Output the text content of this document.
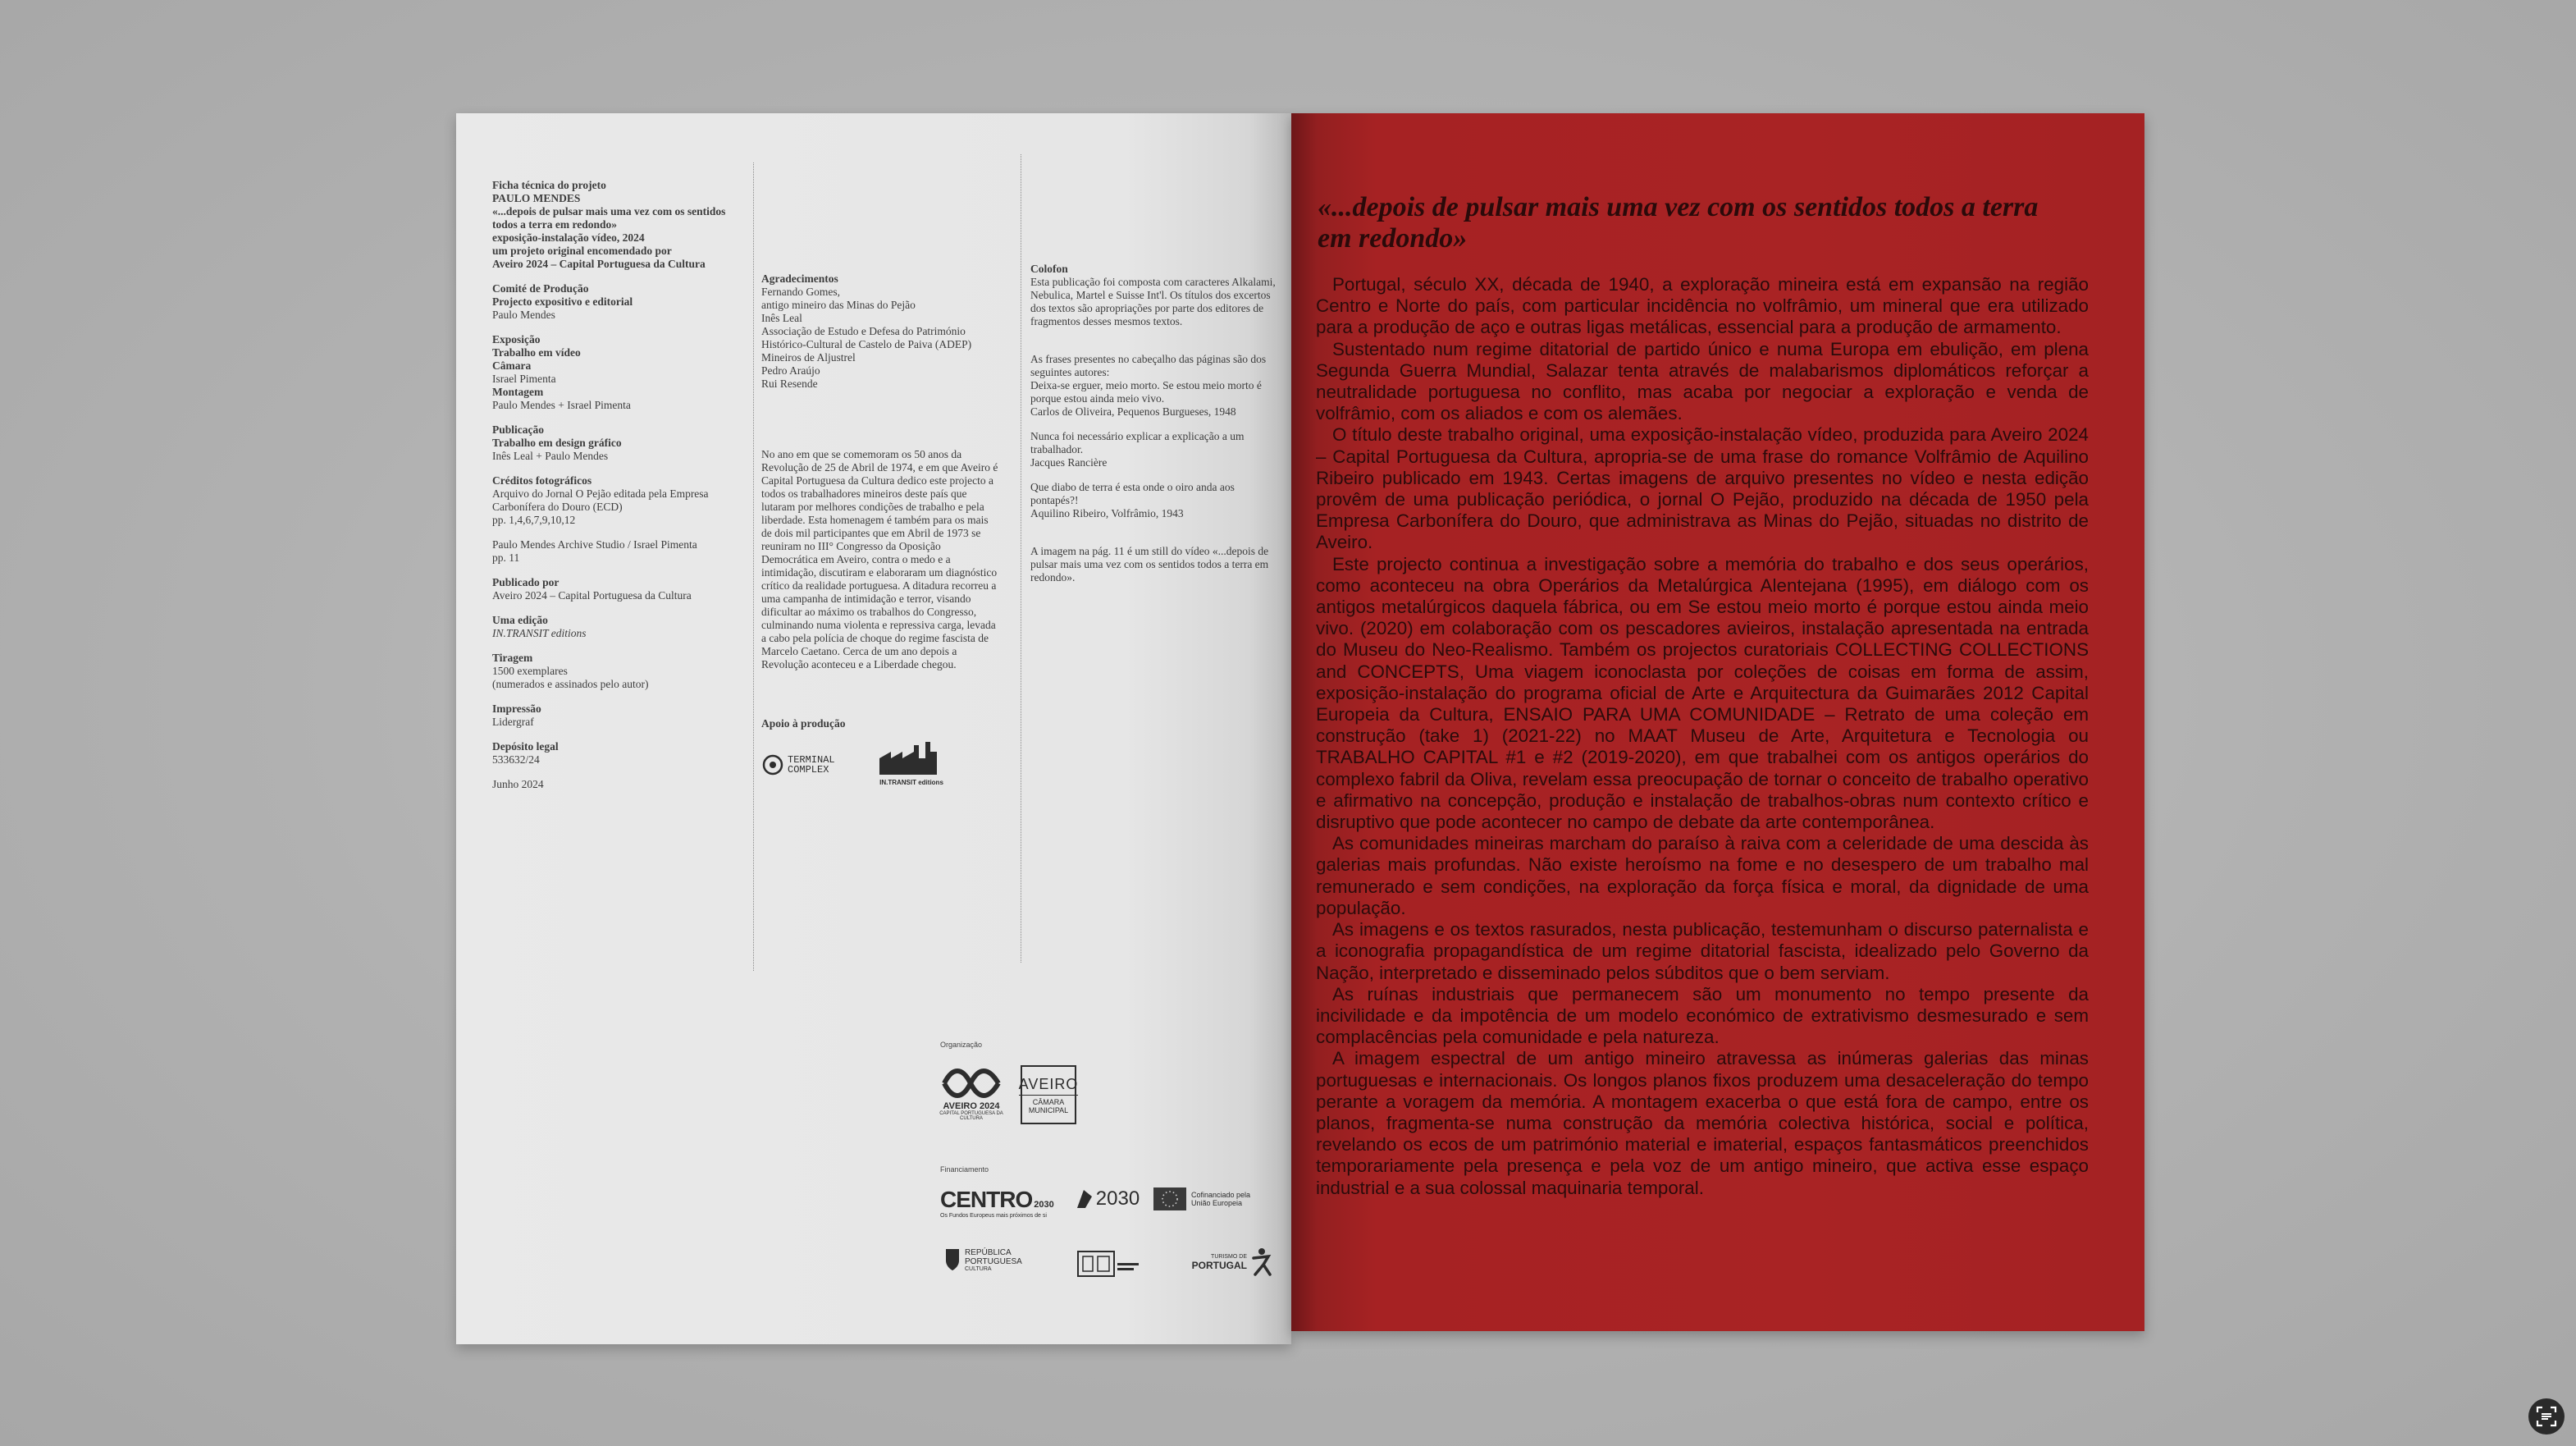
Ficha técnica do projeto

PAULO MENDES

«...depois de pulsar mais uma vez com os sentidos todos a terra em redondo»

exposição-instalação vídeo, 2024

um projeto original encomendado por

Aveiro 2024 – Capital Portuguesa da Cultura

Comité de Produção

Projecto expositivo e editorial

Paulo Mendes

Exposição

Trabalho em vídeo

Câmara

Israel Pimenta

Montagem

Paulo Mendes + Israel Pimenta

Publicação

Trabalho em design gráfico

Inês Leal + Paulo Mendes

Créditos fotográficos

Arquivo do Jornal O Pejão editada pela Empresa Carbonífera do Douro (ECD)

pp. 1,4,6,7,9,10,12

Paulo Mendes Archive Studio / Israel Pimenta

pp. 11

Publicado por

Aveiro 2024 – Capital Portuguesa da Cultura

Uma edição

IN.TRANSIT editions

Tiragem

1500 exemplares

(numerados e assinados pelo autor)

Impressão

Lidergraf

Depósito legal

533632/24

Junho 2024

Agradecimentos

Fernando Gomes,

antigo mineiro das Minas do Pejão

Inês Leal

Associação de Estudo e Defesa do Património Histórico-Cultural de Castelo de Paiva (ADEP)

Mineiros de Aljustrel

Pedro Araújo

Rui Resende

No ano em que se comemoram os 50 anos da Revolução de 25 de Abril de 1974, e em que Aveiro é Capital Portuguesa da Cultura dedico este projecto a todos os trabalhadores mineiros deste país que lutaram por melhores condições de trabalho e pela liberdade. Esta homenagem é também para os mais de dois mil participantes que em Abril de 1973 se reuniram no III° Congresso da Oposição Democrática em Aveiro, contra o medo e a intimidação, discutiram e elaboraram um diagnóstico crítico da realidade portuguesa. A ditadura recorreu a uma campanha de intimidação e terror, visando dificultar ao máximo os trabalhos do Congresso, culminando numa violenta e repressiva carga, levada a cabo pela polícia de choque do regime fascista de Marcelo Caetano. Cerca de um ano depois a Revolução aconteceu e a Liberdade chegou.

Apoio à produção

TERMINAL COMPLEX
IN.TRANSIT editions

Colofon

Esta publicação foi composta com caracteres Alkalami, Nebulica, Martel e Suisse Int'l. Os títulos dos excertos dos textos são apropriações por parte dos editores de fragmentos desses mesmos textos.

As frases presentes no cabeçalho das páginas são dos seguintes autores:

Deixa-se erguer, meio morto. Se estou meio morto é porque estou ainda meio vivo.

Carlos de Oliveira, Pequenos Burgueses, 1948

Nunca foi necessário explicar a explicação a um trabalhador.

Jacques Rancière

Que diabo de terra é esta onde o oiro anda aos pontapés?!

Aquilino Ribeiro, Volfrâmio, 1943

A imagem na pág. 11 é um still do vídeo «...depois de pulsar mais uma vez com os sentidos todos a terra em redondo».

Organização
AVEIRO 2024
CAPITAL PORTUGUESA DA CULTURA
AVEIRO
CÂMARA MUNICIPAL
Financiamento
CENTRO 2030
Os Fundos Europeus mais próximos de si
2030	Cofinanciado pela União Europeia
REPÚBLICA PORTUGUESA
CULTURA
TURISMO DE
PORTUGAL
«...depois de pulsar mais uma vez com os sentidos todos a terra em redondo»

Portugal, século XX, década de 1940, a exploração mineira está em expansão na região Centro e Norte do país, com particular incidência no volfrâmio, um mineral que era utilizado para a produção de aço e outras ligas metálicas, essencial para a produção de armamento.

Sustentado num regime ditatorial de partido único e numa Europa em ebulição, em plena Segunda Guerra Mundial, Salazar tenta através de malabarismos diplomáticos reforçar a neutralidade portuguesa no conflito, mas acaba por negociar a exploração e venda de volfrâmio, com os aliados e com os alemães.

O título deste trabalho original, uma exposição-instalação vídeo, produzida para Aveiro 2024 – Capital Portuguesa da Cultura, apropria-se de uma frase do romance Volfrâmio de Aquilino Ribeiro publicado em 1943. Certas imagens de arquivo presentes no vídeo e nesta edição provêm de uma publicação periódica, o jornal O Pejão, produzido na década de 1950 pela Empresa Carbonífera do Douro, que administrava as Minas do Pejão, situadas no distrito de Aveiro.

Este projecto continua a investigação sobre a memória do trabalho e dos seus operários, como aconteceu na obra Operários da Metalúrgica Alentejana (1995), em diálogo com os antigos metalúrgicos daquela fábrica, ou em Se estou meio morto é porque estou ainda meio vivo. (2020) em colaboração com os pescadores avieiros, instalação apresentada na entrada do Museu do Neo-Realismo. Também os projectos curatoriais COLLECTING COLLECTIONS and CONCEPTS, Uma viagem iconoclasta por coleções de coisas em forma de assim, exposição-instalação do programa oficial de Arte e Arquitectura da Guimarães 2012 Capital Europeia da Cultura, ENSAIO PARA UMA COMUNIDADE – Retrato de uma coleção em construção (take 1) (2021-22) no MAAT Museu de Arte, Arquitetura e Tecnologia ou TRABALHO CAPITAL #1 e #2 (2019-2020), em que trabalhei com os antigos operários do complexo fabril da Oliva, revelam essa preocupação de tornar o conceito de trabalho operativo e afirmativo na concepção, produção e instalação de trabalhos-obras num contexto crítico e disruptivo que pode acontecer no campo de debate da arte contemporânea.

As comunidades mineiras marcham do paraíso à raiva com a celeridade de uma descida às galerias mais profundas. Não existe heroísmo na fome e no desespero de um trabalho mal remunerado e sem condições, na exploração da força física e moral, da dignidade de uma população.

As imagens e os textos rasurados, nesta publicação, testemunham o discurso paternalista e a iconografia propagandística de um regime ditatorial fascista, idealizado pelo Governo da Nação, interpretado e disseminado pelos súbditos que o bem serviam.

As ruínas industriais que permanecem são um monumento no tempo presente da incivilidade e da impotência de um modelo económico de extrativismo desmesurado e sem complacências pela comunidade e pela natureza.

A imagem espectral de um antigo mineiro atravessa as inúmeras galerias das minas portuguesas e internacionais. Os longos planos fixos produzem uma desaceleração do tempo perante a voragem da memória. A montagem exacerba o que está fora de campo, entre os planos, fragmenta-se numa construção da memória colectiva histórica, social e política, revelando os ecos de um património material e imaterial, espaços fantasmáticos preenchidos temporariamente pela presença e pela voz de um antigo mineiro, que activa esse espaço industrial e a sua colossal maquinaria temporal.
